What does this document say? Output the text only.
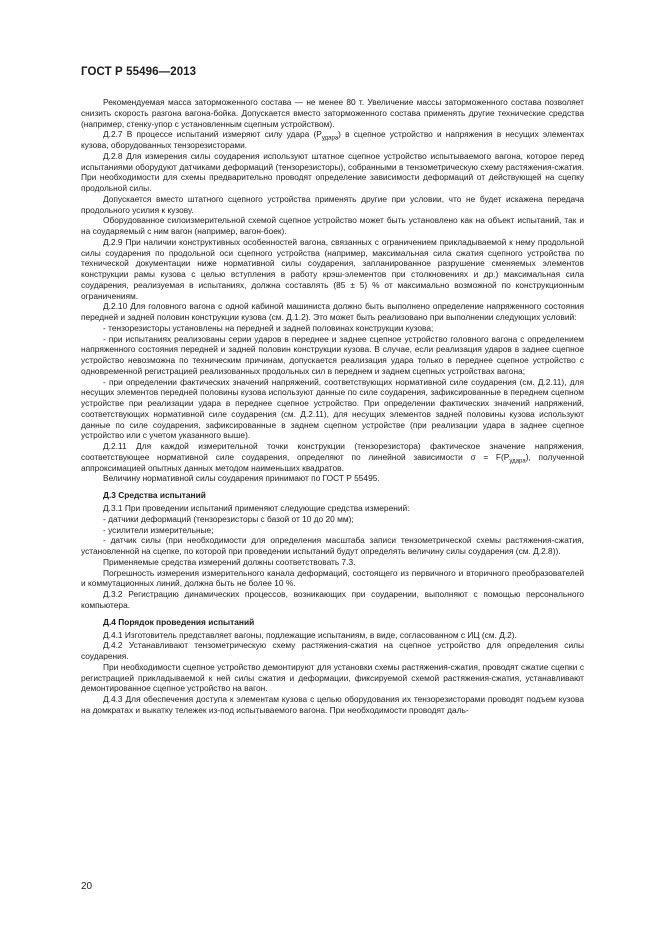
ГОСТ Р 55496—2013

Рекомендуемая масса заторможенного состава — не менее 80 т. Увеличение массы заторможенного состава позволяет снизить скорость разгона вагона-бойка. Допускается вместо заторможенного состава применять другие технические средства (например, стенку-упор с установленным сцепным устройством).

Д.2.7 В процессе испытаний измеряют силу удара $(P_{удара})$ в сцепное устройство и напряжения в несущих элементах кузова, оборудованных тензорезисторами.

Д.2.8 Для измерения силы соударения используют штатное сцепное устройство испытываемого вагона, которое перед испытаниями оборудуют датчиками деформаций (тензорезисторы), собранными в тензометрическую схему растяжения-сжатия. При необходимости для схемы предварительно проводят определение зависимости деформаций от действующей на сцепку продольной силы.

Допускается вместо штатного сцепного устройства применять другие при условии, что не будет искажена передача продольного усилия к кузову.

Оборудованное силоизмерительной схемой сцепное устройство может быть установлено как на объект испытаний, так и на соударяемый с ним вагон (например, вагон-боек).

Д.2.9 При наличии конструктивных особенностей вагона, связанных с ограничением прикладываемой к нему продольной силы соударения по продольной оси сцепного устройства (например, максимальная сила сжатия сцепного устройства по технической документации ниже нормативной силы соударения, запланированное разрушение сменяемых элементов конструкции рамы кузова с целью вступления в работу крэш-элементов при столкновениях и др.) максимальная сила соударения, реализуемая в испытаниях, должна составлять (85 ± 5) % от максимально возможной по конструкционным ограничениям.

Д.2.10 Для головного вагона с одной кабиной машиниста должно быть выполнено определение напряженного состояния передней и задней половин конструкции кузова (см. Д.1.2). Это может быть реализовано при выполнении следующих условий:

- тензорезисторы установлены на передней и задней половинах конструкции кузова;

- при испытаниях реализованы серии ударов в переднее и заднее сцепное устройство головного вагона с определением напряженного состояния передней и задней половин конструкции кузова. В случае, если реализация ударов в заднее сцепное устройство невозможна по техническим причинам, допускается реализация удара только в переднее сцепное устройство с одновременной регистрацией реализованных продольных сил в переднем и заднем сцепных устройствах вагона;

- при определении фактических значений напряжений, соответствующих нормативной силе соударения (см. Д.2.11), для несущих элементов передней половины кузова используют данные по силе соударения, зафиксированные в переднем сцепном устройстве при реализации удара в переднее сцепное устройство. При определении фактических значений напряжений, соответствующих нормативной силе соударения (см. Д.2.11), для несущих элементов задней половины кузова используют данные по силе соударения, зафиксированные в заднем сцепном устройстве (при реализации удара в заднее сцепное устройство или с учетом указанного выше).

Д.2.11 Для каждой измерительной точки конструкции (тензорезистора) фактическое значение напряжения, соответствующее нормативной силе соударения, определяют по линейной зависимости $\sigma = F(P_{удара})$, полученной аппроксимацией опытных данных методом наименьших квадратов.

Величину нормативной силы соударения принимают по ГОСТ Р 55495.

Д.3 Средства испытаний

Д.3.1 При проведении испытаний применяют следующие средства измерений:

- датчики деформаций (тензорезисторы с базой от 10 до 20 мм);

- усилители измерительные;

- датчик силы (при необходимости для определения масштаба записи тензометрической схемы растяжения-сжатия, установленной на сцепке, по которой при проведении испытаний будут определять величину силы соударения (см. Д.2.8)).

Применяемые средства измерений должны соответствовать 7.3.

Погрешность измерения измерительного канала деформаций, состоящего из первичного и вторичного преобразователей и коммутационных линий, должна быть не более 10 %.

Д.3.2 Регистрацию динамических процессов, возникающих при соударении, выполняют с помощью персонального компьютера.

Д.4 Порядок проведения испытаний

Д.4.1 Изготовитель представляет вагоны, подлежащие испытаниям, в виде, согласованном с ИЦ (см. Д.2).

Д.4.2 Устанавливают тензометрическую схему растяжения-сжатия на сцепное устройство для определения силы соударения.

При необходимости сцепное устройство демонтируют для установки схемы растяжения-сжатия, проводят сжатие сцепки с регистрацией прикладываемой к ней силы сжатия и деформации, фиксируемой схемой растяжения-сжатия, устанавливают демонтированное сцепное устройство на вагон.

Д.4.3 Для обеспечения доступа к элементам кузова с целью оборудования их тензорезисторами проводят подъем кузова на домкратах и выкатку тележек из-под испытываемого вагона. При необходимости проводят даль-

20
